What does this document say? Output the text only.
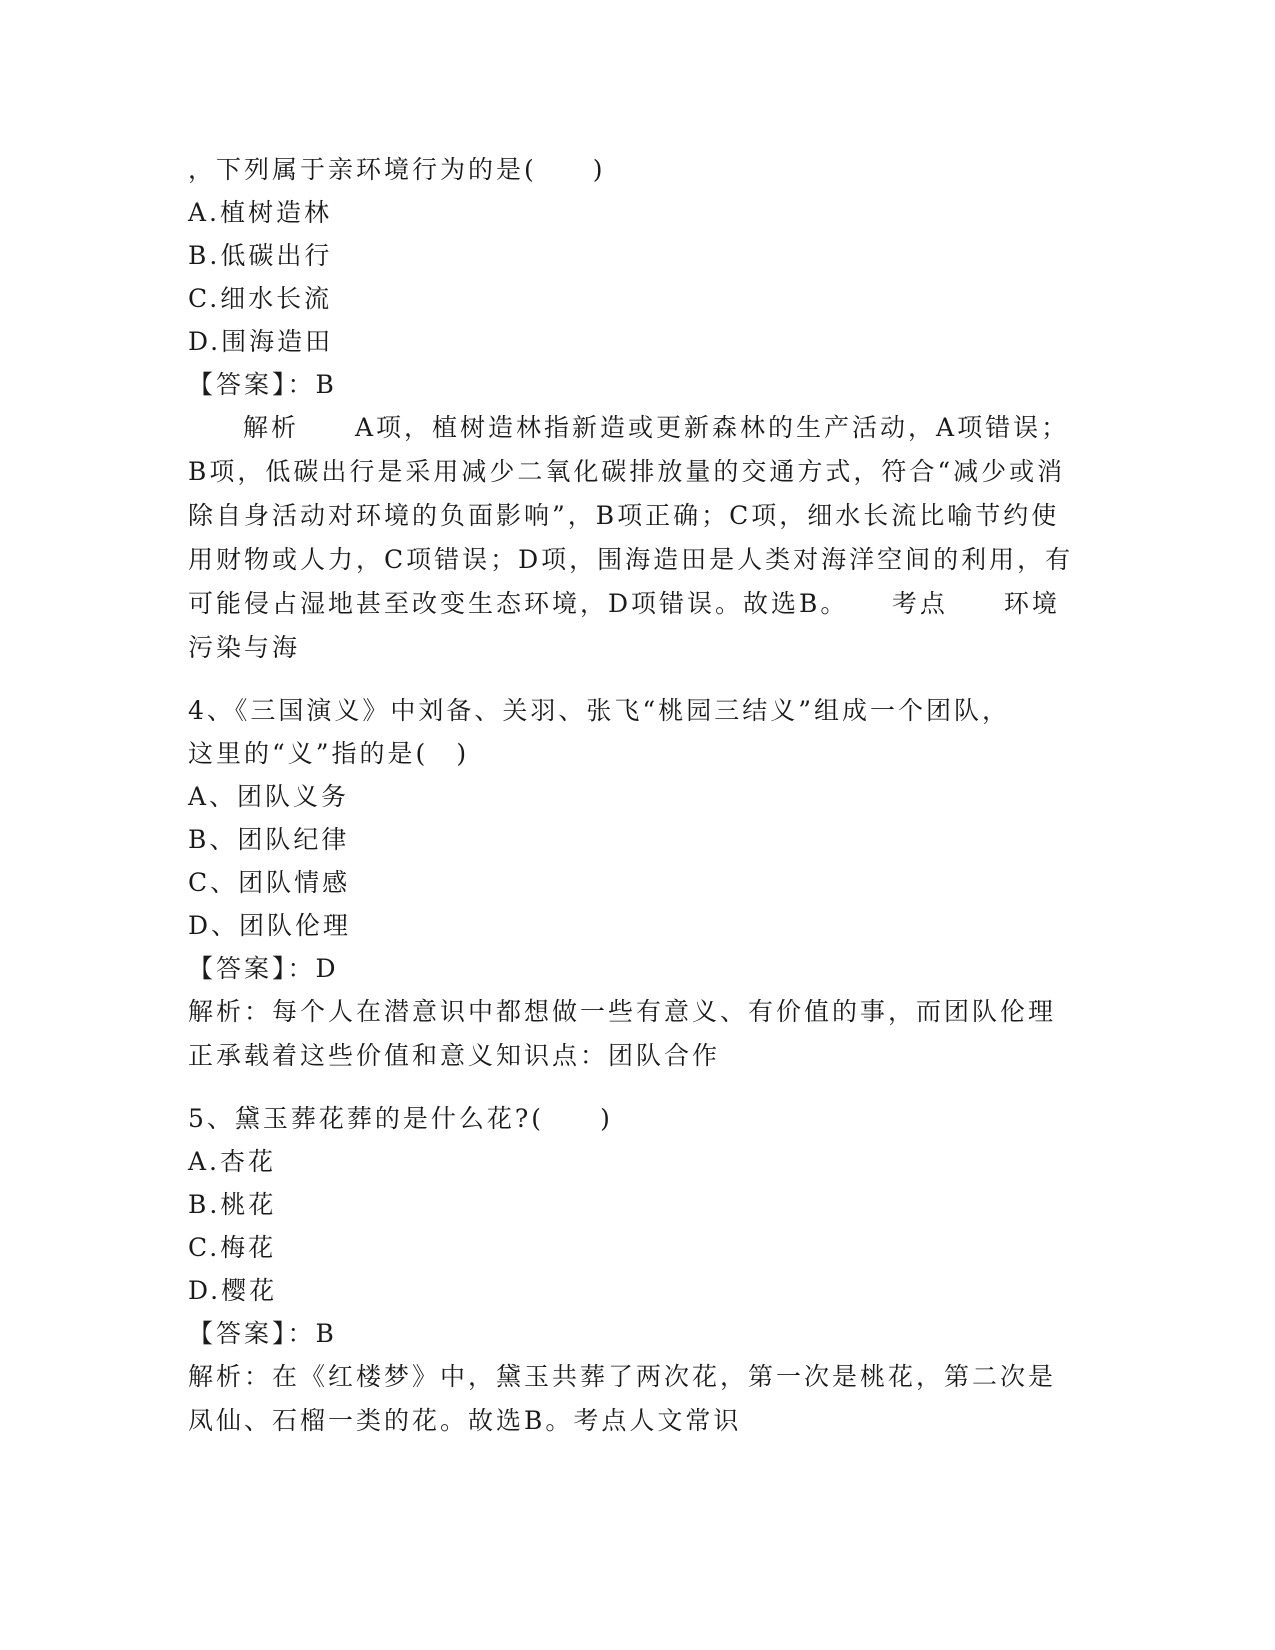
，下列属于亲环境行为的是(　　)
A.植树造林
B.低碳出行
C.细水长流
D.围海造田
【答案】：B
解析　　A项，植树造林指新造或更新森林的生产活动，A项错误；B项，低碳出行是采用减少二氧化碳排放量的交通方式，符合“减少或消除自身活动对环境的负面影响”，B项正确；C项，细水长流比喻节约使用财物或人力，C项错误；D项，围海造田是人类对海洋空间的利用，有可能侵占湿地甚至改变生态环境，D项错误。故选B。　　考点　　环境污染与海
4、《三国演义》中刘备、关羽、张飞“桃园三结义”组成一个团队，
这里的“义”指的是(　)
A、团队义务
B、团队纪律
C、团队情感
D、团队伦理
【答案】：D
解析：每个人在潜意识中都想做一些有意义、有价值的事，而团队伦理正承载着这些价值和意义知识点：团队合作
5、黛玉葬花葬的是什么花?(　　)
A.杏花
B.桃花
C.梅花
D.樱花
【答案】：B
解析：在《红楼梦》中，黛玉共葬了两次花，第一次是桃花，第二次是凤仙、石榴一类的花。故选B。考点人文常识
